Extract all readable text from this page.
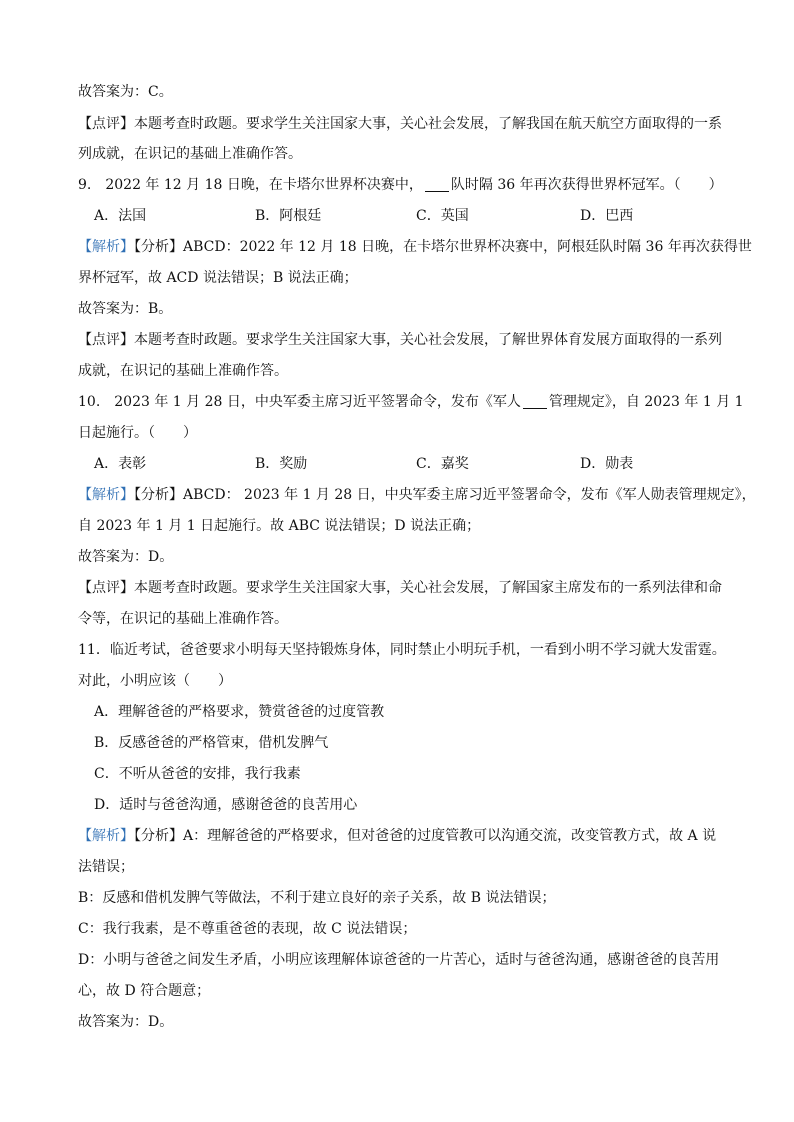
故答案为：C。
【点评】本题考查时政题。要求学生关注国家大事，关心社会发展，了解我国在航天航空方面取得的一系
列成就，在识记的基础上准确作答。
9.　2022 年 12 月 18 日晚，在卡塔尔世界杯决赛中， 队时隔 36 年再次获得世界杯冠军。（　　）
A．法国	B．阿根廷	C．英国	D．巴西
【解析】【分析】ABCD：2022 年 12 月 18 日晚，在卡塔尔世界杯决赛中，阿根廷队时隔 36 年再次获得世
界杯冠军，故 ACD 说法错误；B 说法正确；
故答案为：B。
【点评】本题考查时政题。要求学生关注国家大事，关心社会发展，了解世界体育发展方面取得的一系列
成就，在识记的基础上准确作答。
10.　2023 年 1 月 28 日，中央军委主席习近平签署命令，发布《军人 管理规定》，自 2023 年 1 月 1
日起施行。（　　）
A．表彰	B．奖励	C．嘉奖	D．勋表
【解析】【分析】ABCD： 2023 年 1 月 28 日，中央军委主席习近平签署命令，发布《军人勋表管理规定》，
自 2023 年 1 月 1 日起施行。故 ABC 说法错误；D 说法正确；
故答案为：D。
【点评】本题考查时政题。要求学生关注国家大事，关心社会发展，了解国家主席发布的一系列法律和命
令等，在识记的基础上准确作答。
11．临近考试，爸爸要求小明每天坚持锻炼身体，同时禁止小明玩手机，一看到小明不学习就大发雷霆。
对此，小明应该（　　）
A．理解爸爸的严格要求，赞赏爸爸的过度管教
B．反感爸爸的严格管束，借机发脾气
C．不听从爸爸的安排，我行我素
D．适时与爸爸沟通，感谢爸爸的良苦用心
【解析】【分析】A：理解爸爸的严格要求，但对爸爸的过度管教可以沟通交流，改变管教方式，故 A 说
法错误；
B：反感和借机发脾气等做法，不利于建立良好的亲子关系，故 B 说法错误；
C：我行我素，是不尊重爸爸的表现，故 C 说法错误；
D：小明与爸爸之间发生矛盾，小明应该理解体谅爸爸的一片苦心，适时与爸爸沟通，感谢爸爸的良苦用
心，故 D 符合题意；
故答案为：D。
